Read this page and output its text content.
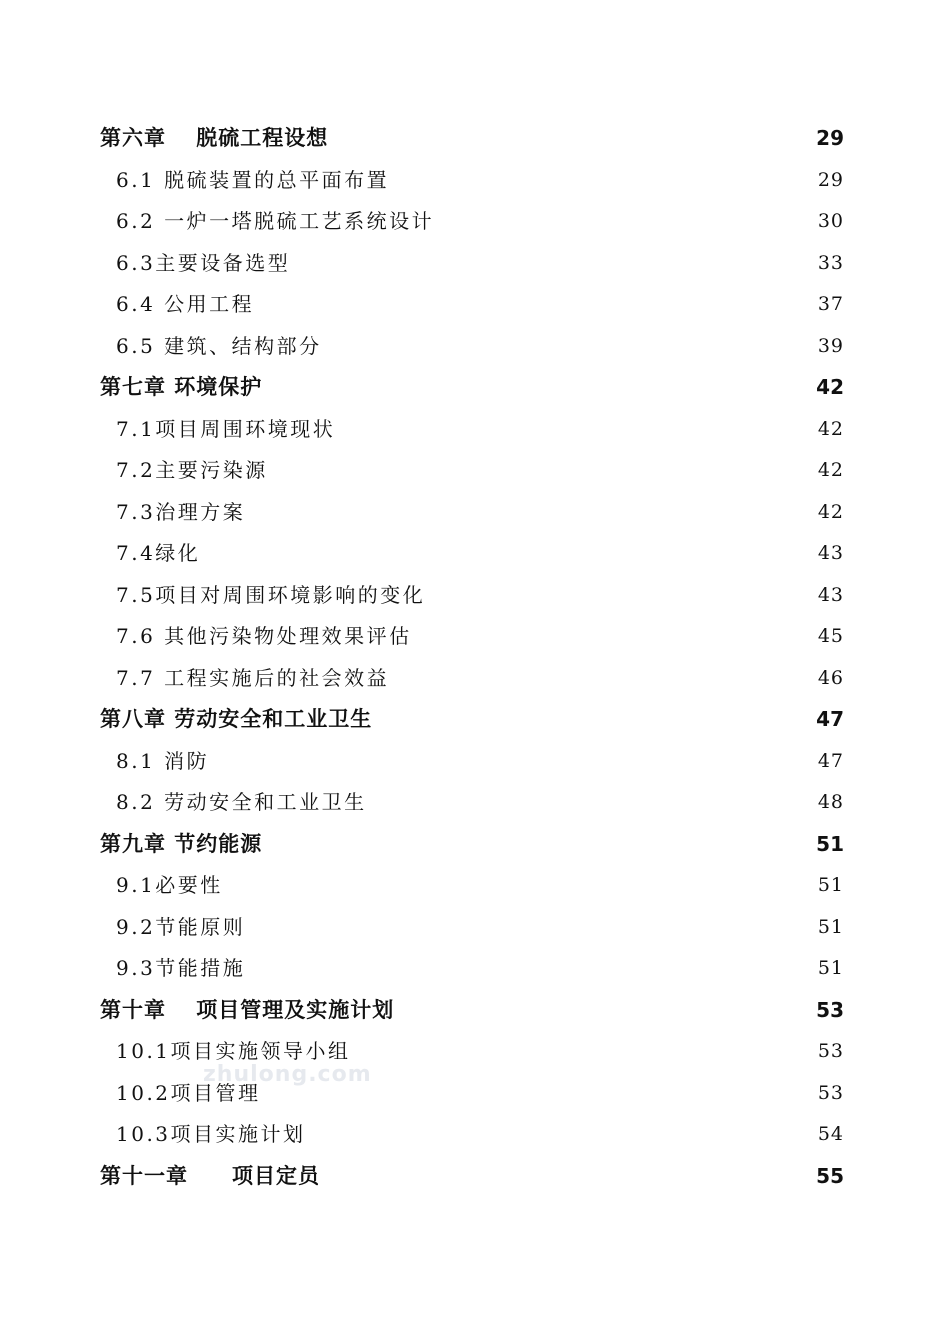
第六章　 脱硫工程设想	29
6.1 脱硫装置的总平面布置	29
6.2 一炉一塔脱硫工艺系统设计	30
6.3主要设备选型	33
6.4 公用工程	37
6.5 建筑、结构部分	39
第七章 环境保护	42
7.1项目周围环境现状	42
7.2主要污染源	42
7.3治理方案	42
7.4绿化	43
7.5项目对周围环境影响的变化	43
7.6 其他污染物处理效果评估	45
7.7 工程实施后的社会效益	46
第八章 劳动安全和工业卫生	47
8.1 消防	47
8.2 劳动安全和工业卫生	48
第九章 节约能源	51
9.1必要性	51
9.2节能原则	51
9.3节能措施	51
第十章　 项目管理及实施计划	53
10.1项目实施领导小组	53
10.2项目管理	53
10.3项目实施计划	54
第十一章　　项目定员	55
zhulong.com
